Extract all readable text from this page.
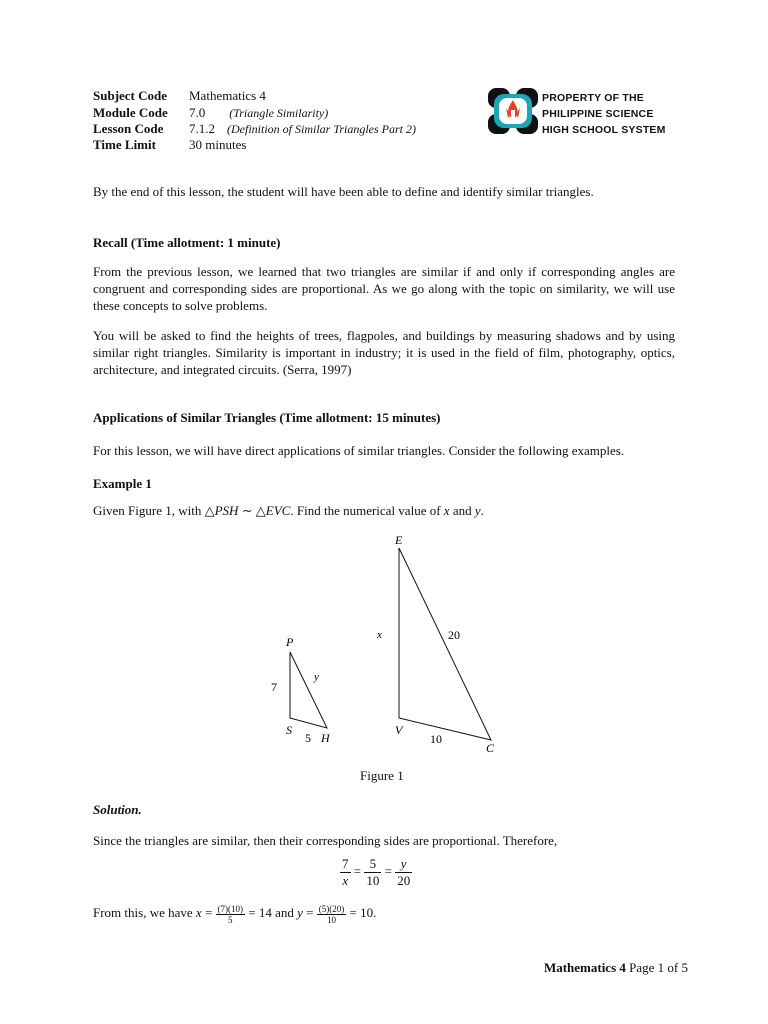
Subject Code Mathematics 4
Module Code 7.0 (Triangle Similarity)
Lesson Code 7.1.2 (Definition of Similar Triangles Part 2)
Time Limit	30 minutes
PROPERTY OF THE
PHILIPPINE SCIENCE
HIGH SCHOOL SYSTEM
By the end of this lesson, the student will have been able to define and identify similar triangles.
Recall (Time allotment: 1 minute)
From the previous lesson, we learned that two triangles are similar if and only if corresponding angles are congruent and corresponding sides are proportional. As we go along with the topic on similarity, we will use these concepts to solve problems.
You will be asked to find the heights of trees, flagpoles, and buildings by measuring shadows and by using similar right triangles. Similarity is important in industry; it is used in the field of film, photography, optics, architecture, and integrated circuits. (Serra, 1997)
Applications of Similar Triangles (Time allotment: 15 minutes)
For this lesson, we will have direct applications of similar triangles. Consider the following examples.
Example 1
Given Figure 1, with △PSH ∼ △EVC. Find the numerical value of x and y.
P
S
H
7
5
y
E
V
C
x
10
20
Figure 1
Solution.
Since the triangles are similar, then their corresponding sides are proportional. Therefore,
$\frac{7}{x} = \frac{5}{10} = \frac{y}{20}$
From this, we have $x = \frac{(7)(10)}{5} = 14$ and $y = \frac{(5)(20)}{10} = 10$.
Mathematics 4 Page 1 of 5
